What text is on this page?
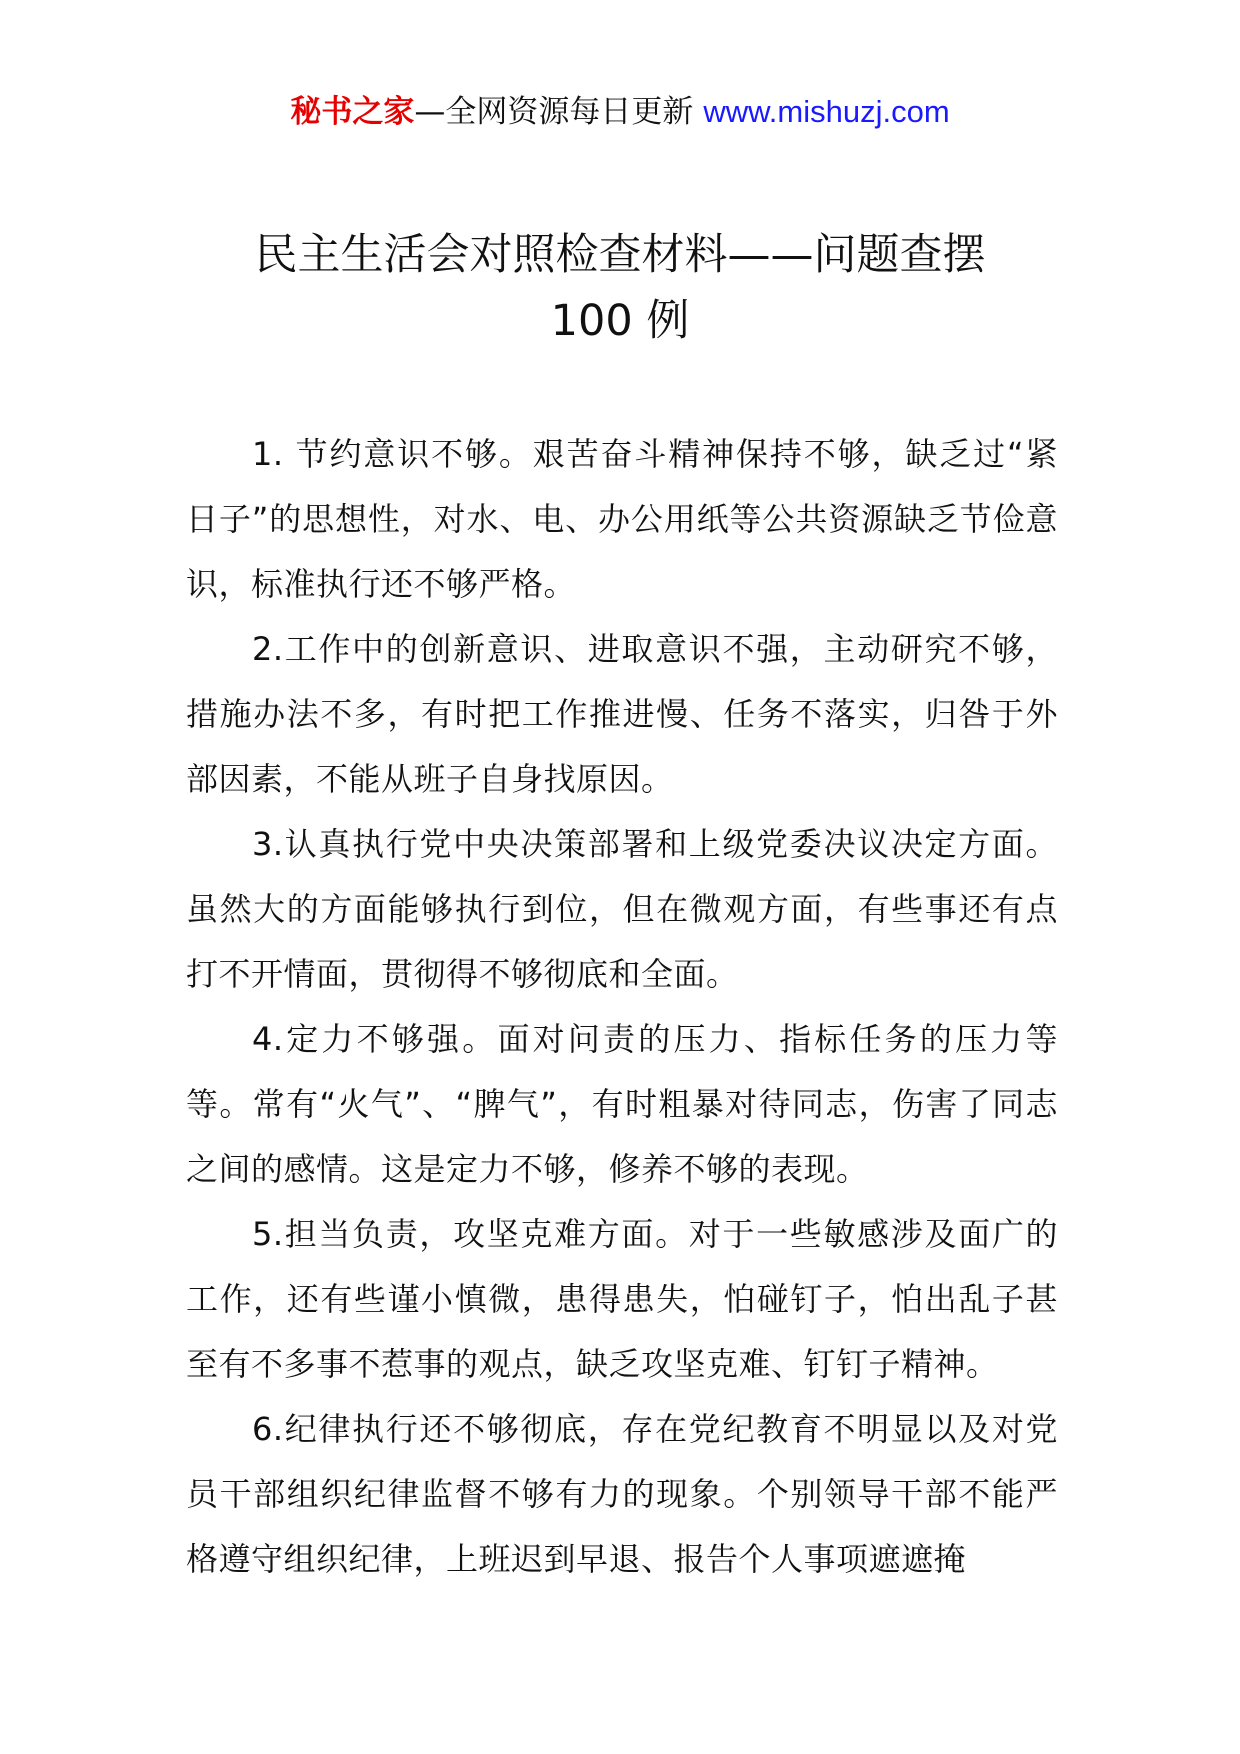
秘书之家—全网资源每日更新 www.mishuzj.com
民主生活会对照检查材料——问题查摆
100 例

1. 节约意识不够。艰苦奋斗精神保持不够，缺乏过“紧日子”的思想性，对水、电、办公用纸等公共资源缺乏节俭意识，标准执行还不够严格。

2.工作中的创新意识、进取意识不强，主动研究不够，措施办法不多，有时把工作推进慢、任务不落实，归咎于外部因素，不能从班子自身找原因。

3.认真执行党中央决策部署和上级党委决议决定方面。虽然大的方面能够执行到位，但在微观方面，有些事还有点打不开情面，贯彻得不够彻底和全面。

4.定力不够强。面对问责的压力、指标任务的压力等等。常有“火气”、“脾气”，有时粗暴对待同志，伤害了同志之间的感情。这是定力不够，修养不够的表现。

5.担当负责，攻坚克难方面。对于一些敏感涉及面广的工作，还有些谨小慎微，患得患失，怕碰钉子，怕出乱子甚至有不多事不惹事的观点，缺乏攻坚克难、钉钉子精神。

6.纪律执行还不够彻底，存在党纪教育不明显以及对党员干部组织纪律监督不够有力的现象。个别领导干部不能严格遵守组织纪律，上班迟到早退、报告个人事项遮遮掩
